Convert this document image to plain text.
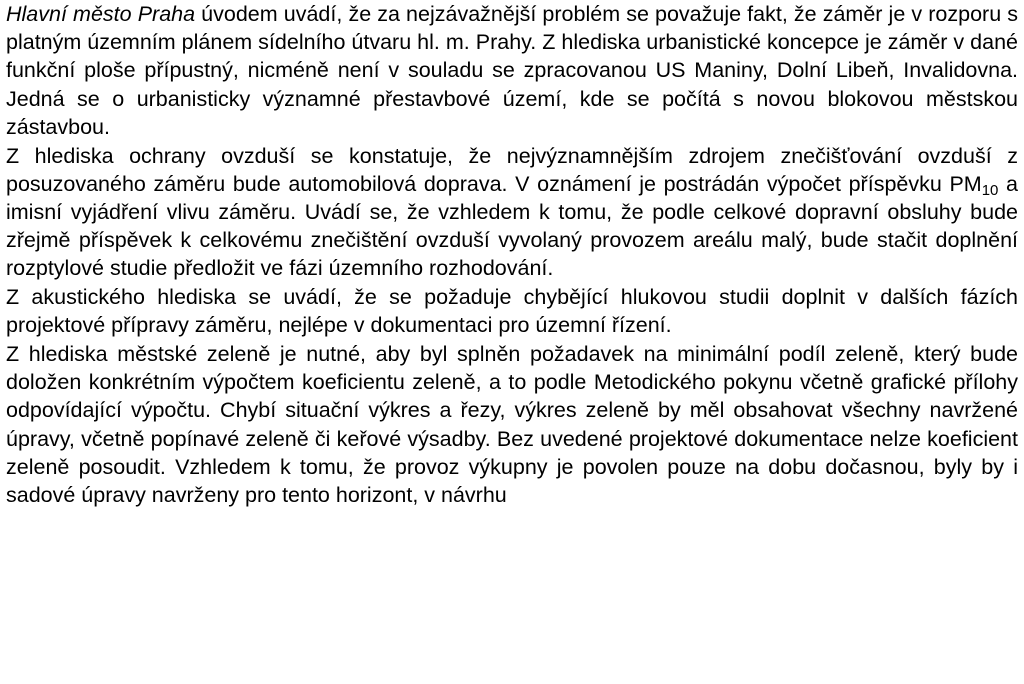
Hlavní město Praha úvodem uvádí, že za nejzávažnější problém se považuje fakt, že záměr je v rozporu s platným územním plánem sídelního útvaru hl. m. Prahy. Z hlediska urbanistické koncepce je záměr v dané funkční ploše přípustný, nicméně není v souladu se zpracovanou US Maniny, Dolní Libeň, Invalidovna. Jedná se o urbanisticky významné přestavbové území, kde se počítá s novou blokovou městskou zástavbou.

Z hlediska ochrany ovzduší se konstatuje, že nejvýznamnějším zdrojem znečišťování ovzduší z posuzovaného záměru bude automobilová doprava. V oznámení je postrádán výpočet příspěvku $PM_{10}$ a imisní vyjádření vlivu záměru. Uvádí se, že vzhledem k tomu, že podle celkové dopravní obsluhy bude zřejmě příspěvek k celkovému znečištění ovzduší vyvolaný provozem areálu malý, bude stačit doplnění rozptylové studie předložit ve fázi územního rozhodování.

Z akustického hlediska se uvádí, že se požaduje chybějící hlukovou studii doplnit v dalších fázích projektové přípravy záměru, nejlépe v dokumentaci pro územní řízení.

Z hlediska městské zeleně je nutné, aby byl splněn požadavek na minimální podíl zeleně, který bude doložen konkrétním výpočtem koeficientu zeleně, a to podle Metodického pokynu včetně grafické přílohy odpovídající výpočtu. Chybí situační výkres a řezy, výkres zeleně by měl obsahovat všechny navržené úpravy, včetně popínavé zeleně či keřové výsadby. Bez uvedené projektové dokumentace nelze koeficient zeleně posoudit. Vzhledem k tomu, že provoz výkupny je povolen pouze na dobu dočasnou, byly by i sadové úpravy navrženy pro tento horizont, v návrhu
